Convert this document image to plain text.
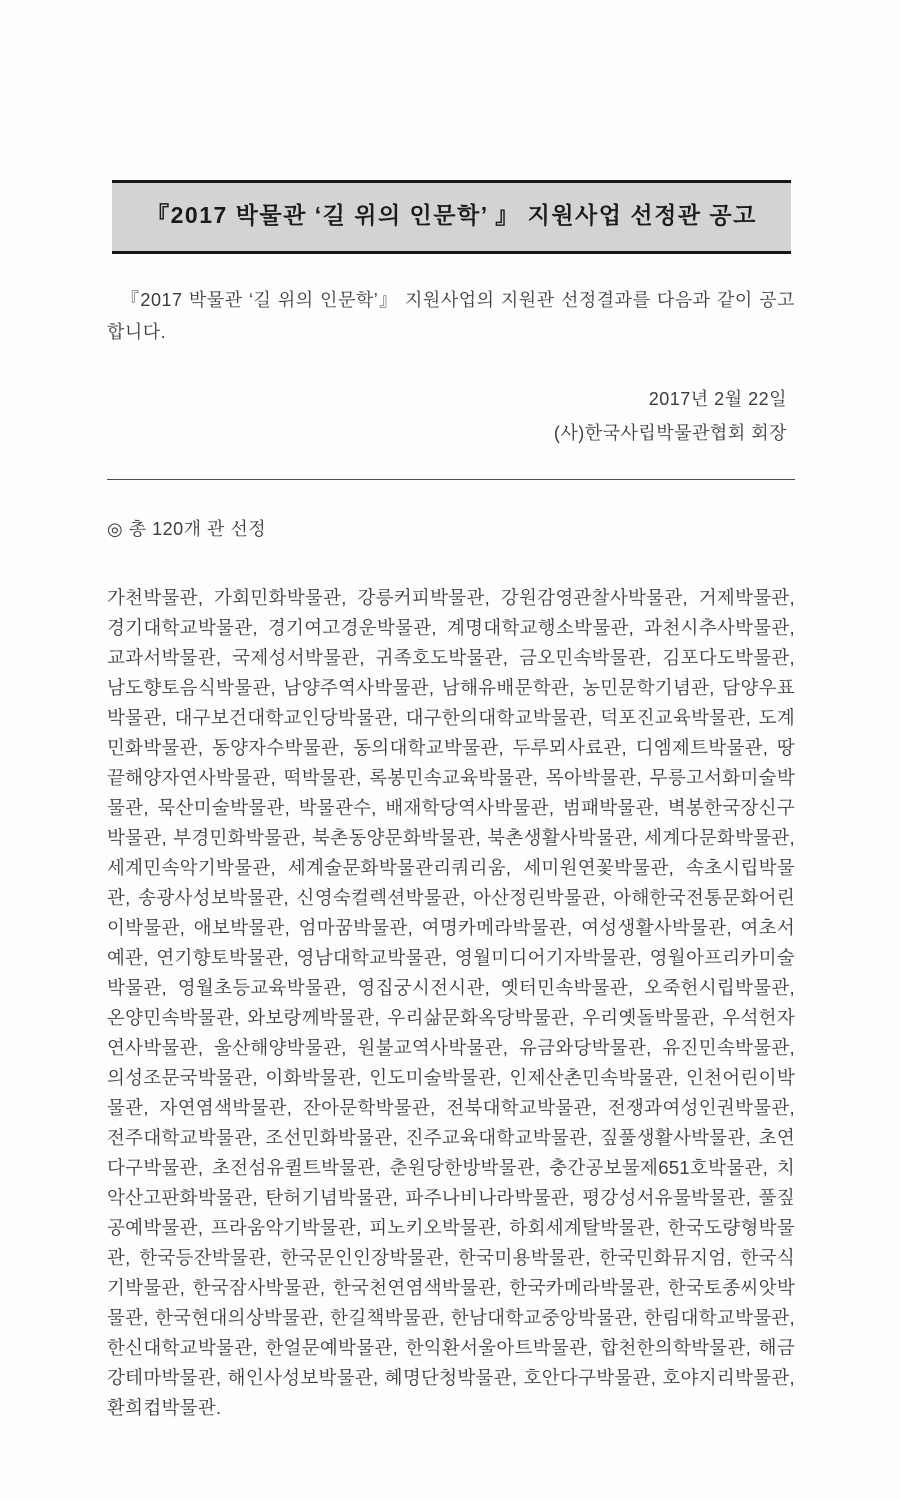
『2017 박물관 ‘길 위의 인문학’ 』 지원사업 선정관 공고

『2017 박물관 ‘길 위의 인문학’』 지원사업의 지원관 선정결과를 다음과 같이 공고합니다.

2017년 2월 22일
(사)한국사립박물관협회 회장
◎ 총 120개 관 선정

가천박물관, 가회민화박물관, 강릉커피박물관, 강원감영관찰사박물관, 거제박물관, 경기대학교박물관, 경기여고경운박물관, 계명대학교행소박물관, 과천시추사박물관, 교과서박물관, 국제성서박물관, 귀족호도박물관, 금오민속박물관, 김포다도박물관, 남도향토음식박물관, 남양주역사박물관, 남해유배문학관, 농민문학기념관, 담양우표박물관, 대구보건대학교인당박물관, 대구한의대학교박물관, 덕포진교육박물관, 도계민화박물관, 동양자수박물관, 동의대학교박물관, 두루뫼사료관, 디엠제트박물관, 땅끝해양자연사박물관, 떡박물관, 록봉민속교육박물관, 목아박물관, 무릉고서화미술박물관, 묵산미술박물관, 박물관수, 배재학당역사박물관, 범패박물관, 벽봉한국장신구박물관, 부경민화박물관, 북촌동양문화박물관, 북촌생활사박물관, 세계다문화박물관, 세계민속악기박물관, 세계술문화박물관리쿼리움, 세미원연꽃박물관, 속초시립박물관, 송광사성보박물관, 신영숙컬렉션박물관, 아산정린박물관, 아해한국전통문화어린이박물관, 애보박물관, 엄마꿈박물관, 여명카메라박물관, 여성생활사박물관, 여초서예관, 연기향토박물관, 영남대학교박물관, 영월미디어기자박물관, 영월아프리카미술박물관, 영월초등교육박물관, 영집궁시전시관, 옛터민속박물관, 오죽헌시립박물관, 온양민속박물관, 와보랑께박물관, 우리삶문화옥당박물관, 우리옛돌박물관, 우석헌자연사박물관, 울산해양박물관, 원불교역사박물관, 유금와당박물관, 유진민속박물관, 의성조문국박물관, 이화박물관, 인도미술박물관, 인제산촌민속박물관, 인천어린이박물관, 자연염색박물관, 잔아문학박물관, 전북대학교박물관, 전쟁과여성인권박물관, 전주대학교박물관, 조선민화박물관, 진주교육대학교박물관, 짚풀생활사박물관, 초연다구박물관, 초전섬유퀼트박물관, 춘원당한방박물관, 충간공보물제651호박물관, 치악산고판화박물관, 탄허기념박물관, 파주나비나라박물관, 평강성서유물박물관, 풀짚공예박물관, 프라움악기박물관, 피노키오박물관, 하회세계탈박물관, 한국도량형박물관, 한국등잔박물관, 한국문인인장박물관, 한국미용박물관, 한국민화뮤지엄, 한국식기박물관, 한국잠사박물관, 한국천연염색박물관, 한국카메라박물관, 한국토종씨앗박물관, 한국현대의상박물관, 한길책박물관, 한남대학교중앙박물관, 한림대학교박물관, 한신대학교박물관, 한얼문예박물관, 한익환서울아트박물관, 합천한의학박물관, 해금강테마박물관, 해인사성보박물관, 혜명단청박물관, 호안다구박물관, 호야지리박물관, 환희컵박물관.
